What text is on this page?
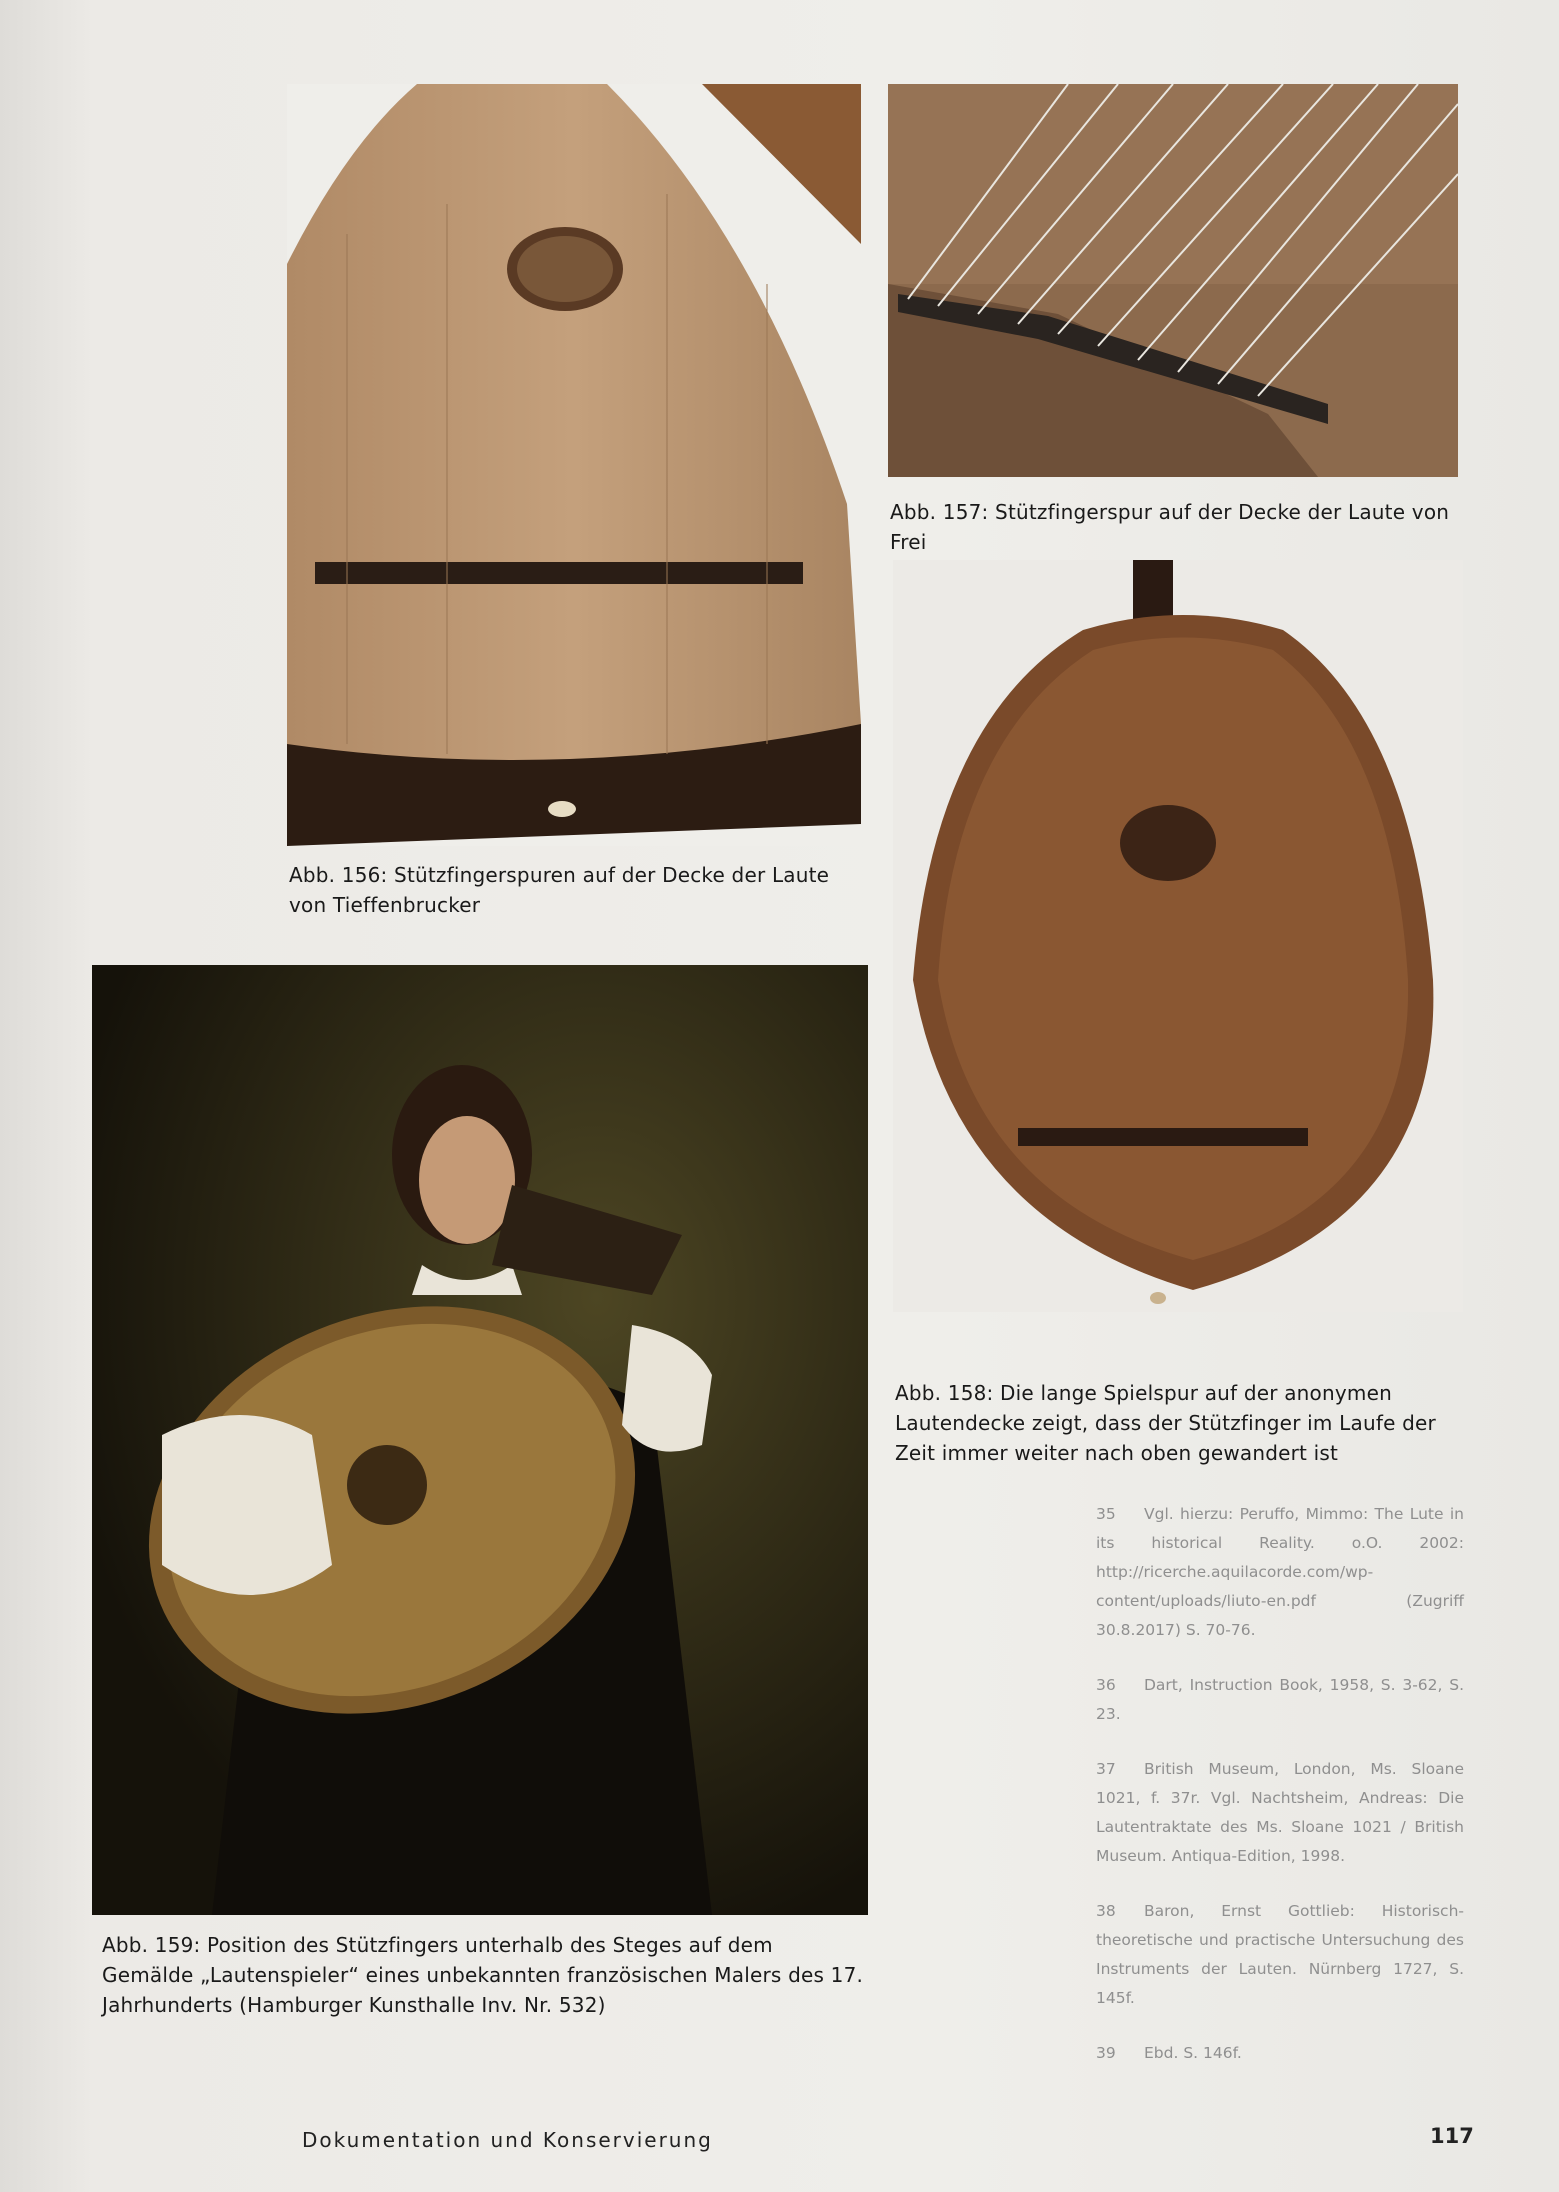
Abb. 156: Stützfingerspuren auf der Decke der Laute von Tieffenbrucker
Abb. 157: Stützfingerspur auf der Decke der Laute von Frei
Abb. 158: Die lange Spielspur auf der anonymen Lautendecke zeigt, dass der Stützfinger im Laufe der Zeit immer weiter nach oben gewandert ist
Abb. 159: Position des Stützfingers unterhalb des Steges auf dem Gemälde „Lautenspieler“ eines unbekannten französischen Malers des 17. Jahrhunderts (Hamburger Kunsthalle Inv. Nr. 532)
35 Vgl. hierzu: Peruffo, Mimmo: The Lute in its historical Reality. o.O. 2002: http://ricerche.aquilacorde.com/wp-content/uploads/liuto-en.pdf (Zugriff 30.8.2017) S. 70-76.
36 Dart, Instruction Book, 1958, S. 3-62, S. 23.
37 British Museum, London, Ms. Sloane 1021, f. 37r. Vgl. Nachtsheim, Andreas: Die Lautentraktate des Ms. Sloane 1021 / British Museum. Antiqua-Edition, 1998.
38 Baron, Ernst Gottlieb: Historisch-theoretische und practische Untersuchung des Instruments der Lauten. Nürnberg 1727, S. 145f.
39 Ebd. S. 146f.
Dokumentation und Konservierung	117
